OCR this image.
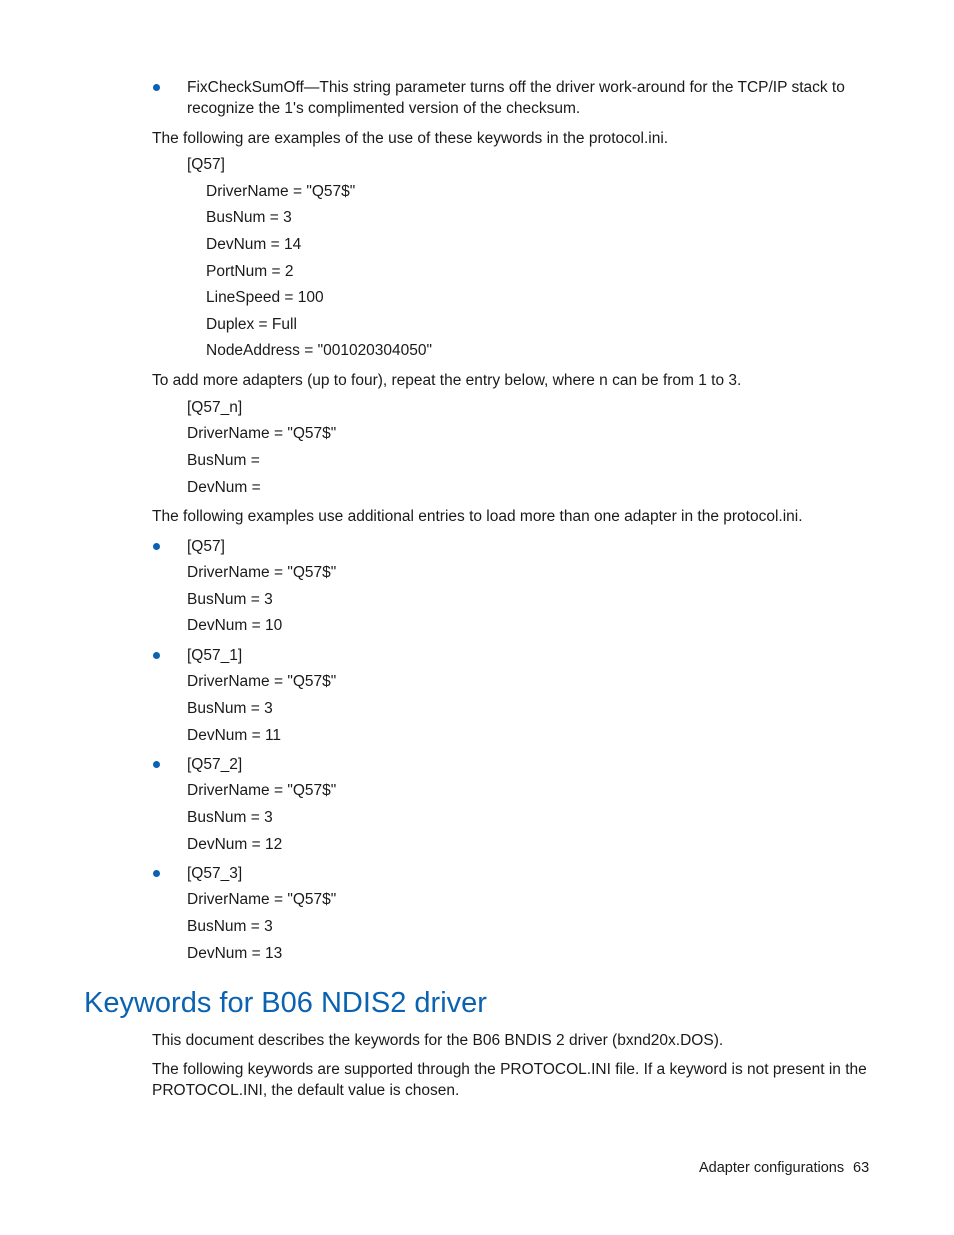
FixCheckSumOff—This string parameter turns off the driver work-around for the TCP/IP stack to
recognize the 1's complimented version of the checksum.
The following are examples of the use of these keywords in the protocol.ini.
[Q57]
DriverName = "Q57$"
BusNum = 3
DevNum = 14
PortNum = 2
LineSpeed = 100
Duplex = Full
NodeAddress = "001020304050"
To add more adapters (up to four), repeat the entry below, where n can be from 1 to 3.
[Q57_n]
DriverName = "Q57$"
BusNum =
DevNum =
The following examples use additional entries to load more than one adapter in the protocol.ini.
[Q57]
DriverName = "Q57$"
BusNum = 3
DevNum = 10
[Q57_1]
DriverName = "Q57$"
BusNum = 3
DevNum = 11
[Q57_2]
DriverName = "Q57$"
BusNum = 3
DevNum = 12
[Q57_3]
DriverName = "Q57$"
BusNum = 3
DevNum = 13
Keywords for B06 NDIS2 driver
This document describes the keywords for the B06 BNDIS 2 driver (bxnd20x.DOS).
The following keywords are supported through the PROTOCOL.INI file. If a keyword is not present in the
PROTOCOL.INI, the default value is chosen.
Adapter configurations 63
